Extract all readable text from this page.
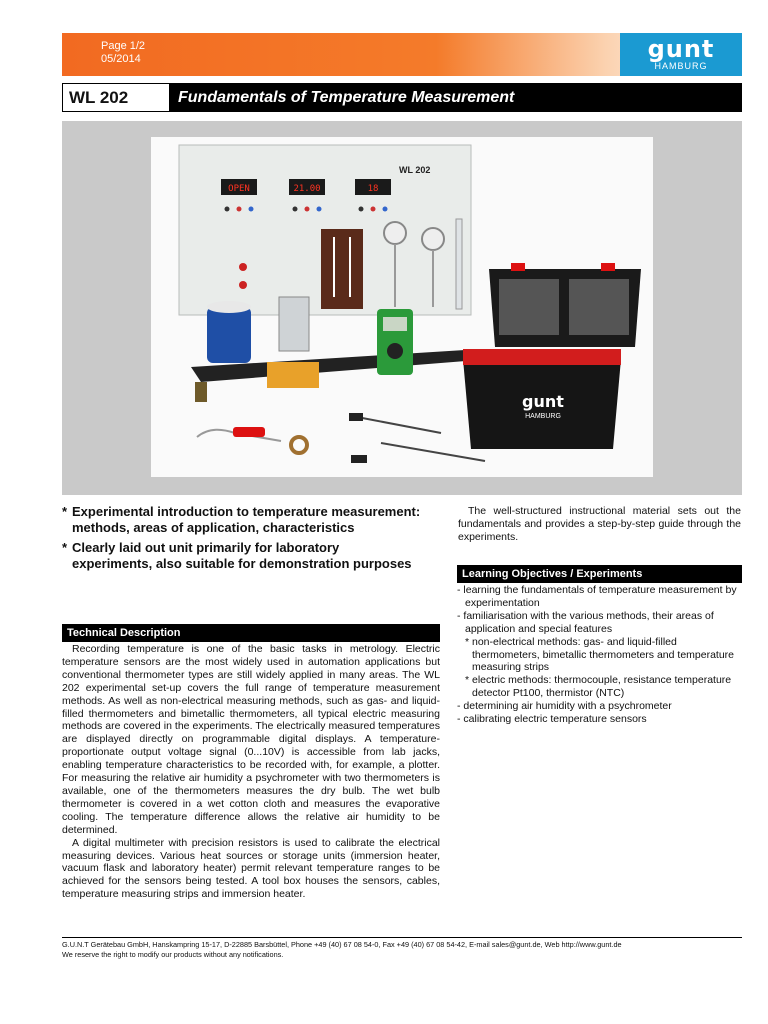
Page 1/2
05/2014	gunt
HAMBURG
WL 202	Fundamentals of Temperature Measurement
OPEN	21.00	18
WL 202
gunt
HAMBURG
* Experimental introduction to temperature measurement: methods, areas of application, characteristics
* Clearly laid out unit primarily for laboratory experiments, also suitable for demonstration purposes
Technical Description

Recording temperature is one of the basic tasks in metrology. Electric temperature sensors are the most widely used in automation applications but conventional thermometer types are still widely applied in many areas. The WL 202 experimental set-up covers the full range of temperature measurement methods. As well as non-electrical measuring methods, such as gas- and liquid-filled thermometers and bimetallic thermometers, all typical electric measuring methods are covered in the experiments. The electrically measured temperatures are displayed directly on programmable digital displays. A temperature-proportionate output voltage signal (0...10V) is accessible from lab jacks, enabling temperature characteristics to be recorded with, for example, a plotter. For measuring the relative air humidity a psychrometer with two thermometers is available, one of the thermometers measures the dry bulb. The wet bulb thermometer is covered in a wet cotton cloth and measures the evaporative cooling. The temperature difference allows the relative air humidity to be determined.

A digital multimeter with precision resistors is used to calibrate the electrical measuring devices. Various heat sources or storage units (immersion heater, vacuum flask and laboratory heater) permit relevant temperature ranges to be achieved for the sensors being tested. A tool box houses the sensors, cables, temperature measuring strips and immersion heater.

The well-structured instructional material sets out the fundamentals and provides a step-by-step guide through the experiments.
Learning Objectives / Experiments
- learning the fundamentals of temperature measurement by experimentation
- familiarisation with the various methods, their areas of application and special features
* non-electrical methods: gas- and liquid-filled thermometers, bimetallic thermometers and temperature measuring strips
* electric methods: thermocouple, resistance temperature detector Pt100, thermistor (NTC)
- determining air humidity with a psychrometer
- calibrating electric temperature sensors
G.U.N.T Gerätebau GmbH, Hanskampring 15-17, D-22885 Barsbüttel, Phone +49 (40) 67 08 54-0, Fax +49 (40) 67 08 54-42, E-mail sales@gunt.de, Web http://www.gunt.de
We reserve the right to modify our products without any notifications.
